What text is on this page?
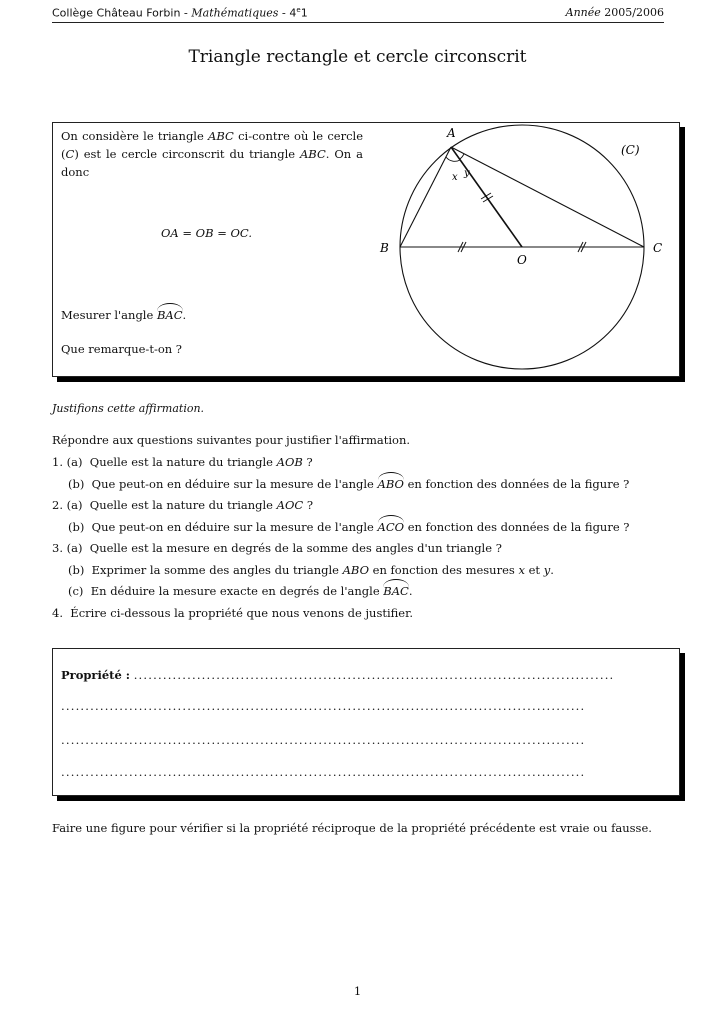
Collège Château Forbin - Mathématiques - 4e1	Année 2005/2006
Triangle rectangle et cercle circonscrit
On considère le triangle ABC ci-contre où le cercle (C) est le cercle circonscrit du triangle ABC. On a donc
OA = OB = OC.
Mesurer l'angle BAC.
Que remarque-t-on ?
A
B	C
O
x y
(C)
Justifions cette affirmation.
Répondre aux questions suivantes pour justifier l'affirmation.
1. (a) Quelle est la nature du triangle AOB ?
(b) Que peut-on en déduire sur la mesure de l'angle ABO en fonction des données de la figure ?
2. (a) Quelle est la nature du triangle AOC ?
(b) Que peut-on en déduire sur la mesure de l'angle ACO en fonction des données de la figure ?
3. (a) Quelle est la mesure en degrés de la somme des angles d'un triangle ?
(b) Exprimer la somme des angles du triangle ABO en fonction des mesures x et y.
(c) En déduire la mesure exacte en degrés de l'angle BAC.
4. Écrire ci-dessous la propriété que nous venons de justifier.
Propriété : ...................................................................................................
............................................................................................................
............................................................................................................
............................................................................................................
Faire une figure pour vérifier si la propriété réciproque de la propriété précédente est vraie ou fausse.
1
